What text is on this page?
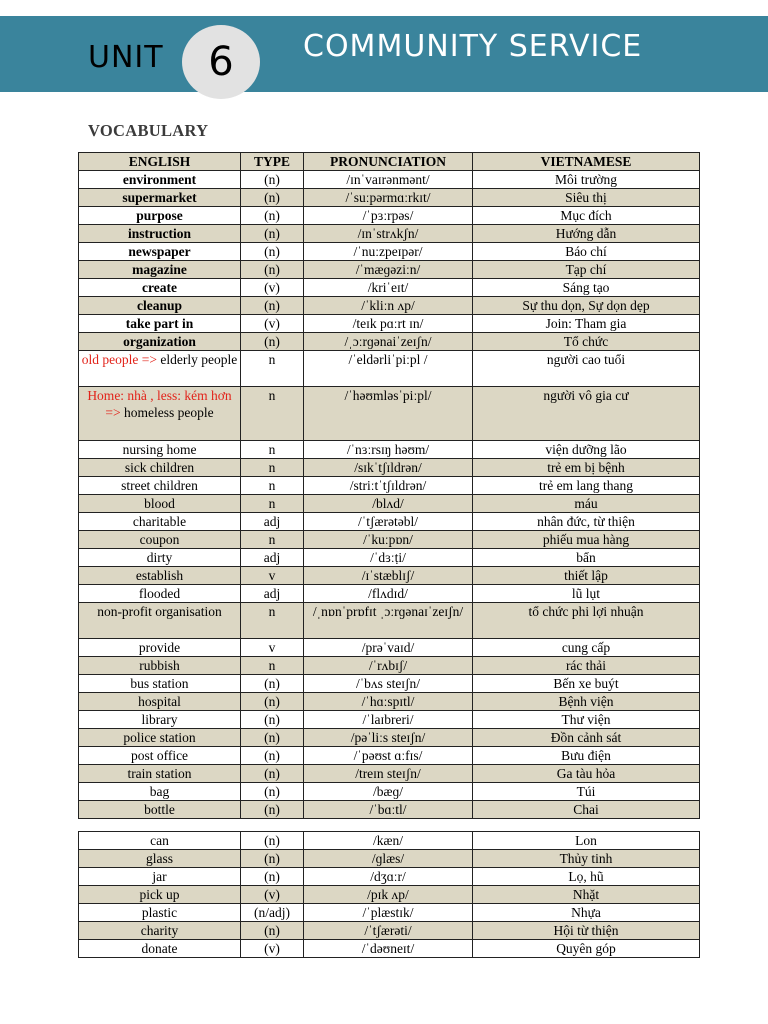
UNIT	6	COMMUNITY SERVICE
VOCABULARY
ENGLISH	TYPE	PRONUNCIATION	VIETNAMESE
environment	(n)	/ɪnˈvaɪrənmənt/	Môi trường
supermarket	(n)	/ˈsuːpərmɑːrkɪt/	Siêu thị
purpose	(n)	/ˈpɜːrpəs/	Mục đích
instruction	(n)	/ɪnˈstrʌkʃn/	Hướng dẫn
newspaper	(n)	/ˈnuːzpeɪpər/	Báo chí
magazine	(n)	/ˈmæɡəziːn/	Tạp chí
create	(v)	/kriˈeɪt/	Sáng tạo
cleanup	(n)	/ˈkliːn ʌp/	Sự thu dọn, Sự dọn dẹp
take part in	(v)	/teɪk pɑːrt ɪn/	Join: Tham gia
organization	(n)	/ˌɔːrɡənaiˈzeɪʃn/	Tổ chức
old people => elderly people	n	/ˈeldərliˈpiːpl /	người cao tuổi
Home: nhà , less: kém hơn => homeless people	n	/ˈhəʊmləsˈpiːpl/	người vô gia cư
nursing home	n	/ˈnɜːrsɪŋ həʊm/	viện dưỡng lão
sick children	n	/sɪkˈtʃɪldrən/	trẻ em bị bệnh
street children	n	/striːtˈtʃɪldrən/	trẻ em lang thang
blood	n	/blʌd/	máu
charitable	adj	/ˈtʃærətəbl/	nhân đức, từ thiện
coupon	n	/ˈkuːpɒn/	phiếu mua hàng
dirty	adj	/ˈdɜːṭi/	bẩn
establish	v	/ɪˈstæblɪʃ/	thiết lập
flooded	adj	/flʌdɪd/	lũ lụt
non-profit organisation	n	/ˌnɒnˈprɒfɪt ˌɔːrɡənaɪˈzeɪʃn/	tổ chức phi lợi nhuận
provide	v	/prəˈvaɪd/	cung cấp
rubbish	n	/ˈrʌbɪʃ/	rác thải
bus station	(n)	/ˈbʌs steɪʃn/	Bến xe buýt
hospital	(n)	/ˈhɑːspɪtl/	Bệnh viện
library	(n)	/ˈlaɪbreri/	Thư viện
police station	(n)	/pəˈliːs steɪʃn/	Đồn cảnh sát
post office	(n)	/ˈpəʊst ɑːfɪs/	Bưu điện
train station	(n)	/treɪn steɪʃn/	Ga tàu hỏa
bag	(n)	/bæɡ/	Túi
bottle	(n)	/ˈbɑːtl/	Chai
can	(n)	/kæn/	Lon
glass	(n)	/ɡlæs/	Thủy tinh
jar	(n)	/dʒɑːr/	Lọ, hũ
pick up	(v)	/pɪk ʌp/	Nhặt
plastic	(n/adj)	/ˈplæstɪk/	Nhựa
charity	(n)	/ˈtʃærəti/	Hội từ thiện
donate	(v)	/ˈdəʊneɪt/	Quyên góp
